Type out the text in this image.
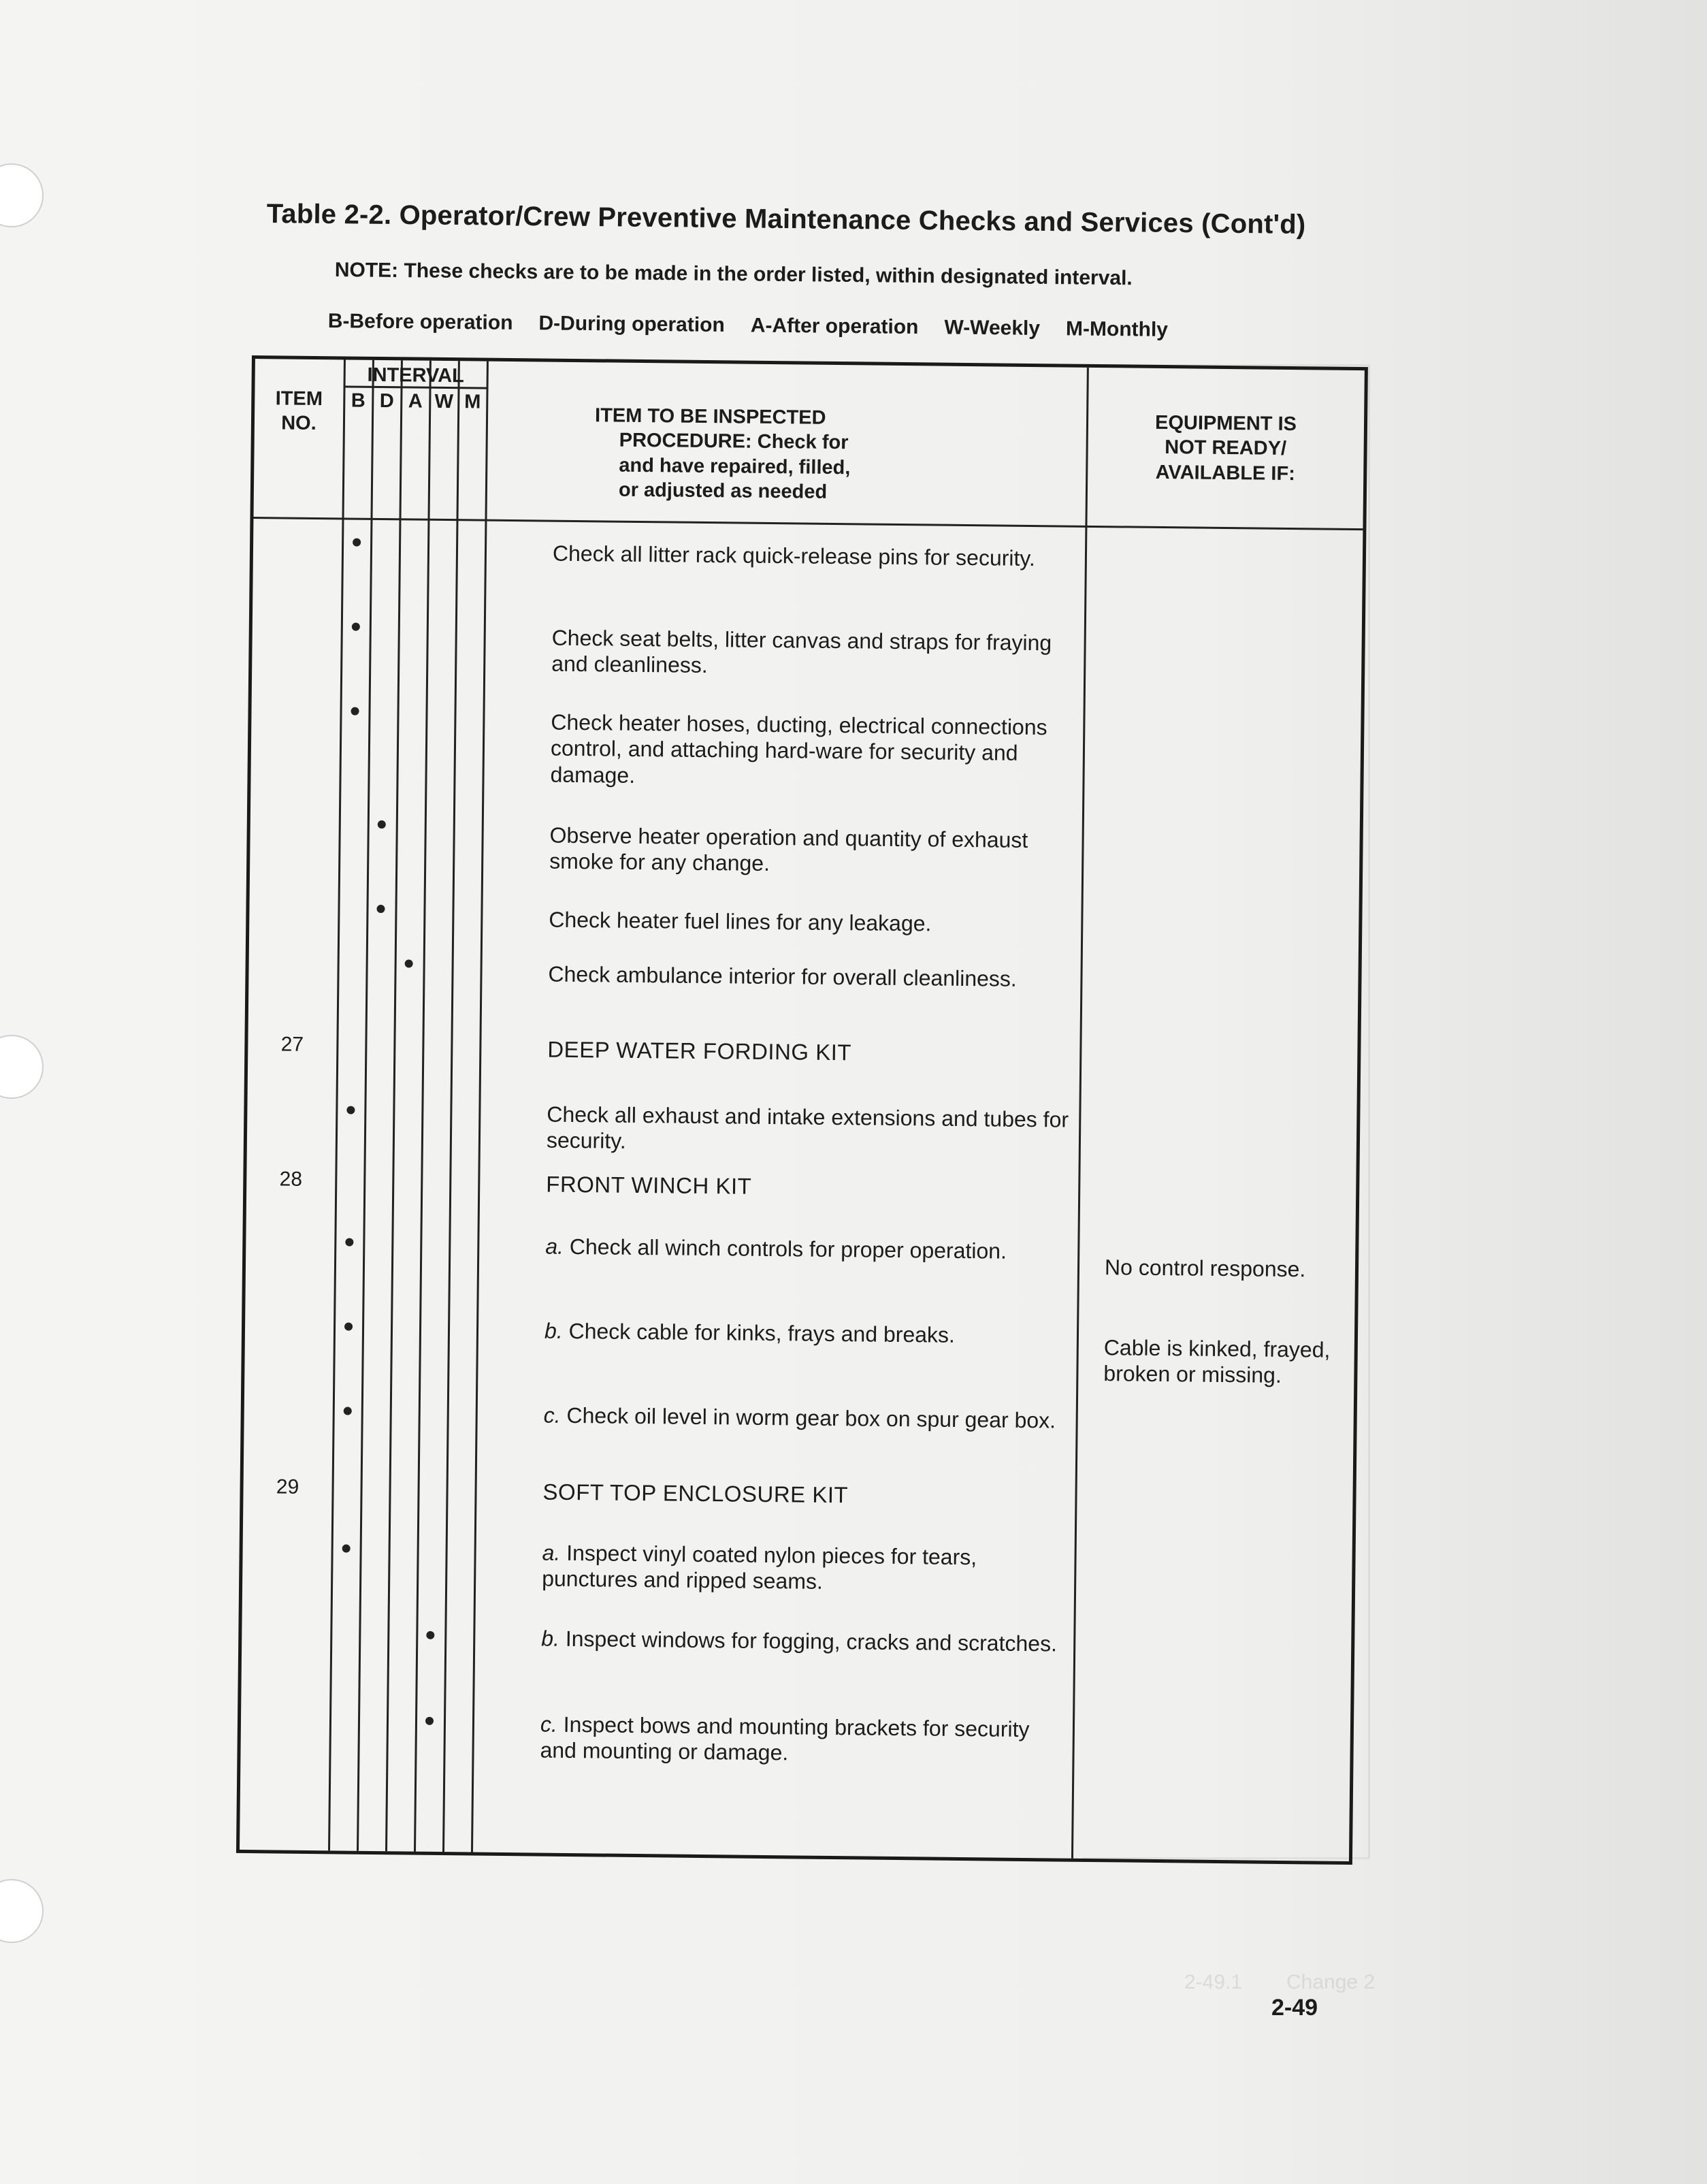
2-49.1 Change 2
Table 2-2. Operator/Crew Preventive Maintenance Checks and Services (Cont'd)
NOTE: These checks are to be made in the order listed, within designated interval.
B-Before operation D-During operation A-After operation W-Weekly M-Monthly
ITEM
NO.
INTERVAL
B D A W M
ITEM TO BE INSPECTED
PROCEDURE: Check for
and have repaired, filled,
or adjusted as needed
EQUIPMENT IS
NOT READY/
AVAILABLE IF:
27
28
29
Check all litter rack quick-release pins for security.
Check seat belts, litter canvas and straps for fraying and cleanliness.
Check heater hoses, ducting, electrical connections control, and attaching hard-ware for security and damage.
Observe heater operation and quantity of exhaust smoke for any change.
Check heater fuel lines for any leakage.
Check ambulance interior for overall cleanliness.
DEEP WATER FORDING KIT
Check all exhaust and intake extensions and tubes for security.
FRONT WINCH KIT
a. Check all winch controls for proper operation.
b. Check cable for kinks, frays and breaks.
c. Check oil level in worm gear box on spur gear box.
SOFT TOP ENCLOSURE KIT
a. Inspect vinyl coated nylon pieces for tears, punctures and ripped seams.
b. Inspect windows for fogging, cracks and scratches.
c. Inspect bows and mounting brackets for security and mounting or damage.
No control response.
Cable is kinked, frayed, broken or missing.
2-49
